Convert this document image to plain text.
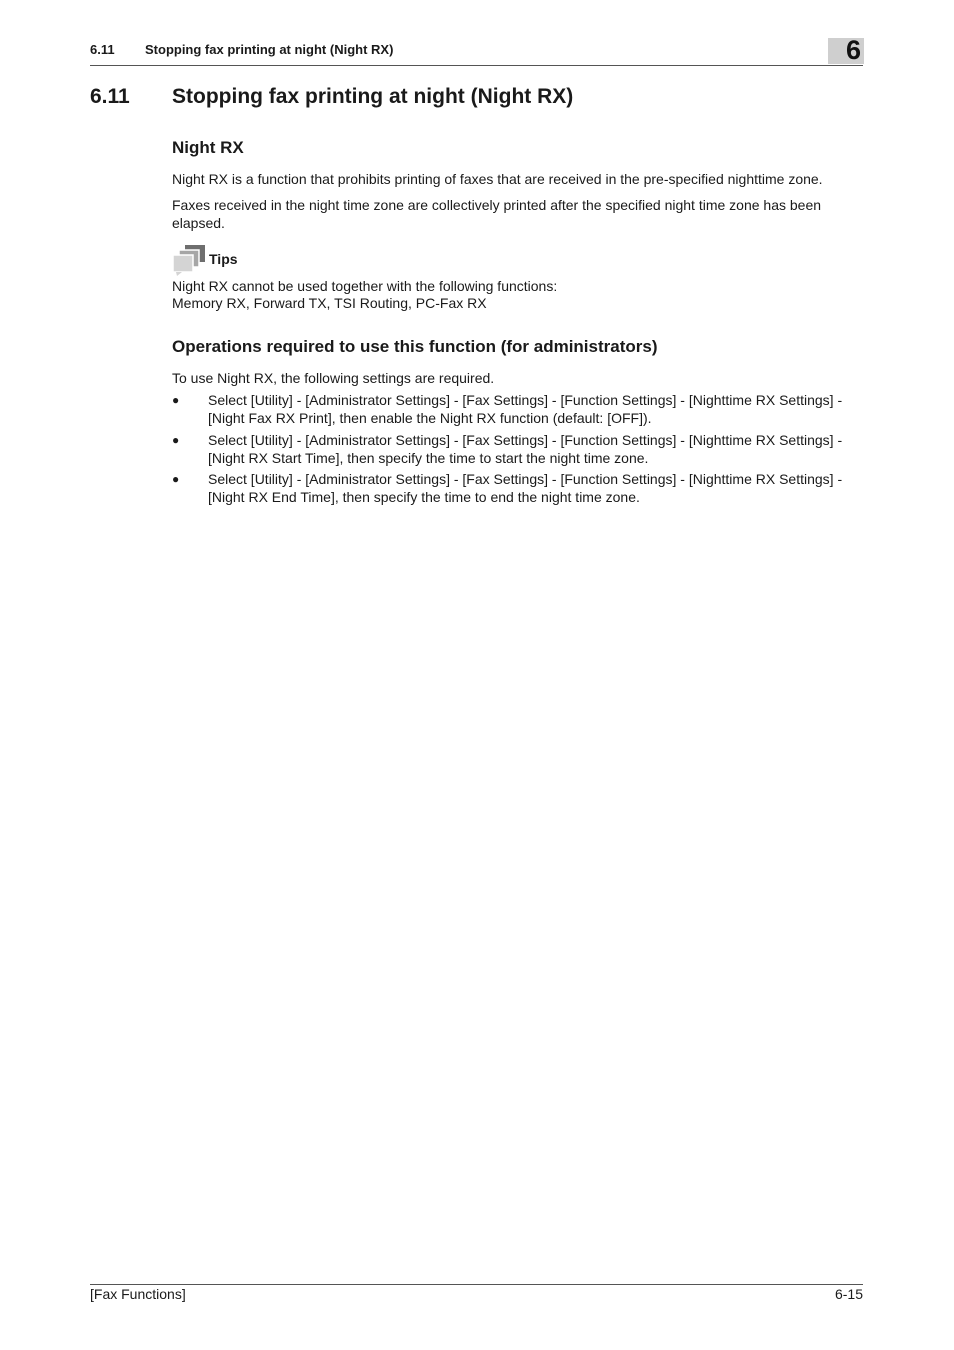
6.11 Stopping fax printing at night (Night RX)	6
6.11 Stopping fax printing at night (Night RX)
Night RX
Night RX is a function that prohibits printing of faxes that are received in the pre-specified nighttime zone.
Faxes received in the night time zone are collectively printed after the specified night time zone has been elapsed.
Tips
Night RX cannot be used together with the following functions:
Memory RX, Forward TX, TSI Routing, PC-Fax RX
Operations required to use this function (for administrators)
To use Night RX, the following settings are required.
● Select [Utility] - [Administrator Settings] - [Fax Settings] - [Function Settings] - [Nighttime RX Settings] - [Night Fax RX Print], then enable the Night RX function (default: [OFF]).
● Select [Utility] - [Administrator Settings] - [Fax Settings] - [Function Settings] - [Nighttime RX Settings] - [Night RX Start Time], then specify the time to start the night time zone.
● Select [Utility] - [Administrator Settings] - [Fax Settings] - [Function Settings] - [Nighttime RX Settings] - [Night RX End Time], then specify the time to end the night time zone.
[Fax Functions]	6-15
